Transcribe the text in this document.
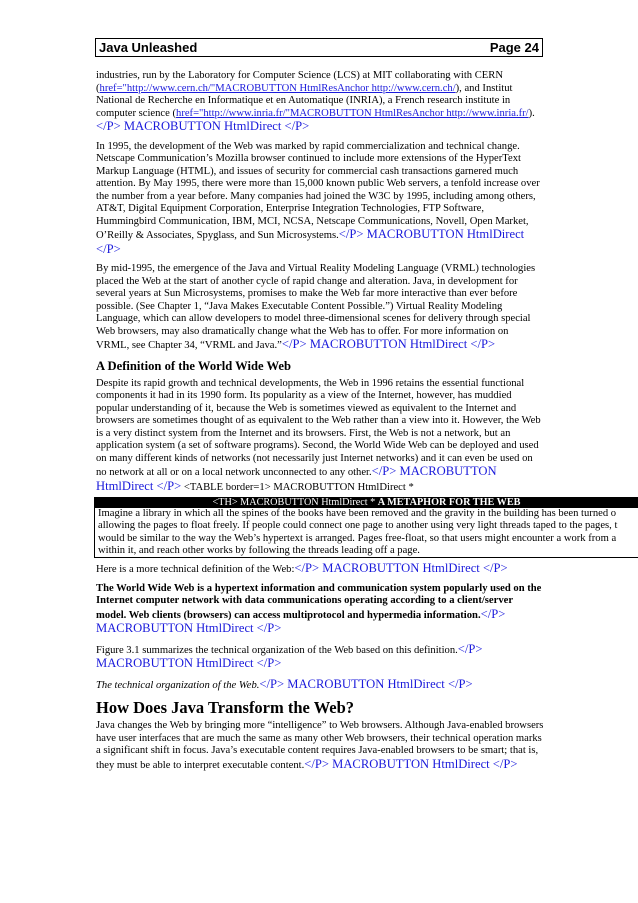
Java Unleashed	Page 24

industries, run by the Laboratory for Computer Science (LCS) at MIT collaborating with CERN (href="http://www.cern.ch/"MACROBUTTON HtmlResAnchor http://www.cern.ch/), and Institut National de Recherche en Informatique et en Automatique (INRIA), a French research institute in computer science (href="http://www.inria.fr/"MACROBUTTON HtmlResAnchor http://www.inria.fr/).</P> MACROBUTTON HtmlDirect </P>

In 1995, the development of the Web was marked by rapid commercialization and technical change. Netscape Communication’s Mozilla browser continued to include more extensions of the HyperText Markup Language (HTML), and issues of security for commercial cash transactions garnered much attention. By May 1995, there were more than 15,000 known public Web servers, a tenfold increase over the number from a year before. Many companies had joined the W3C by 1995, including among others, AT&T, Digital Equipment Corporation, Enterprise Integration Technologies, FTP Software, Hummingbird Communication, IBM, MCI, NCSA, Netscape Communications, Novell, Open Market, O’Reilly & Associates, Spyglass, and Sun Microsystems.</P> MACROBUTTON HtmlDirect </P>

By mid-1995, the emergence of the Java and Virtual Reality Modeling Language (VRML) technologies placed the Web at the start of another cycle of rapid change and alteration. Java, in development for several years at Sun Microsystems, promises to make the Web far more interactive than ever before possible. (See Chapter 1, “Java Makes Executable Content Possible.”) Virtual Reality Modeling Language, which can allow developers to model three-dimensional scenes for delivery through special Web browsers, may also dramatically change what the Web has to offer. For more information on VRML, see Chapter 34, “VRML and Java.”</P> MACROBUTTON HtmlDirect </P>

A Definition of the World Wide Web

Despite its rapid growth and technical developments, the Web in 1996 retains the essential functional components it had in its 1990 form. Its popularity as a view of the Internet, however, has muddied popular understanding of it, because the Web is sometimes viewed as equivalent to the Internet and browsers are sometimes thought of as equivalent to the Web rather than a view into it. However, the Web is a very distinct system from the Internet and its browsers. First, the Web is not a network, but an application system (a set of software programs). Second, the World Wide Web can be deployed and used on many different kinds of networks (not necessarily just Internet networks) and it can even be used on no network at all or on a local network unconnected to any other.</P> MACROBUTTON HtmlDirect </P> <TABLE border=1> MACROBUTTON HtmlDirect *

<TH> MACROBUTTON HtmlDirect * A METAPHOR FOR THE WEB
Imagine a library in which all the spines of the books have been removed and the gravity in the building has been turned o
allowing the pages to float freely. If people could connect one page to another using very light threads taped to the pages, t
would be similar to the way the Web’s hypertext is arranged. Pages free-float, so that users might encounter a work from a
within it, and reach other works by following the threads leading off a page.

Here is a more technical definition of the Web:</P> MACROBUTTON HtmlDirect </P>

The World Wide Web is a hypertext information and communication system popularly used on the Internet computer network with data communications operating according to a client/server model. Web clients (browsers) can access multiprotocol and hypermedia information.</P> MACROBUTTON HtmlDirect </P>

Figure 3.1 summarizes the technical organization of the Web based on this definition.</P> MACROBUTTON HtmlDirect </P>

The technical organization of the Web.</P> MACROBUTTON HtmlDirect </P>

How Does Java Transform the Web?

Java changes the Web by bringing more “intelligence” to Web browsers. Although Java-enabled browsers have user interfaces that are much the same as many other Web browsers, their technical operation marks a significant shift in focus. Java’s executable content requires Java-enabled browsers to be smart; that is, they must be able to interpret executable content.</P> MACROBUTTON HtmlDirect </P>
